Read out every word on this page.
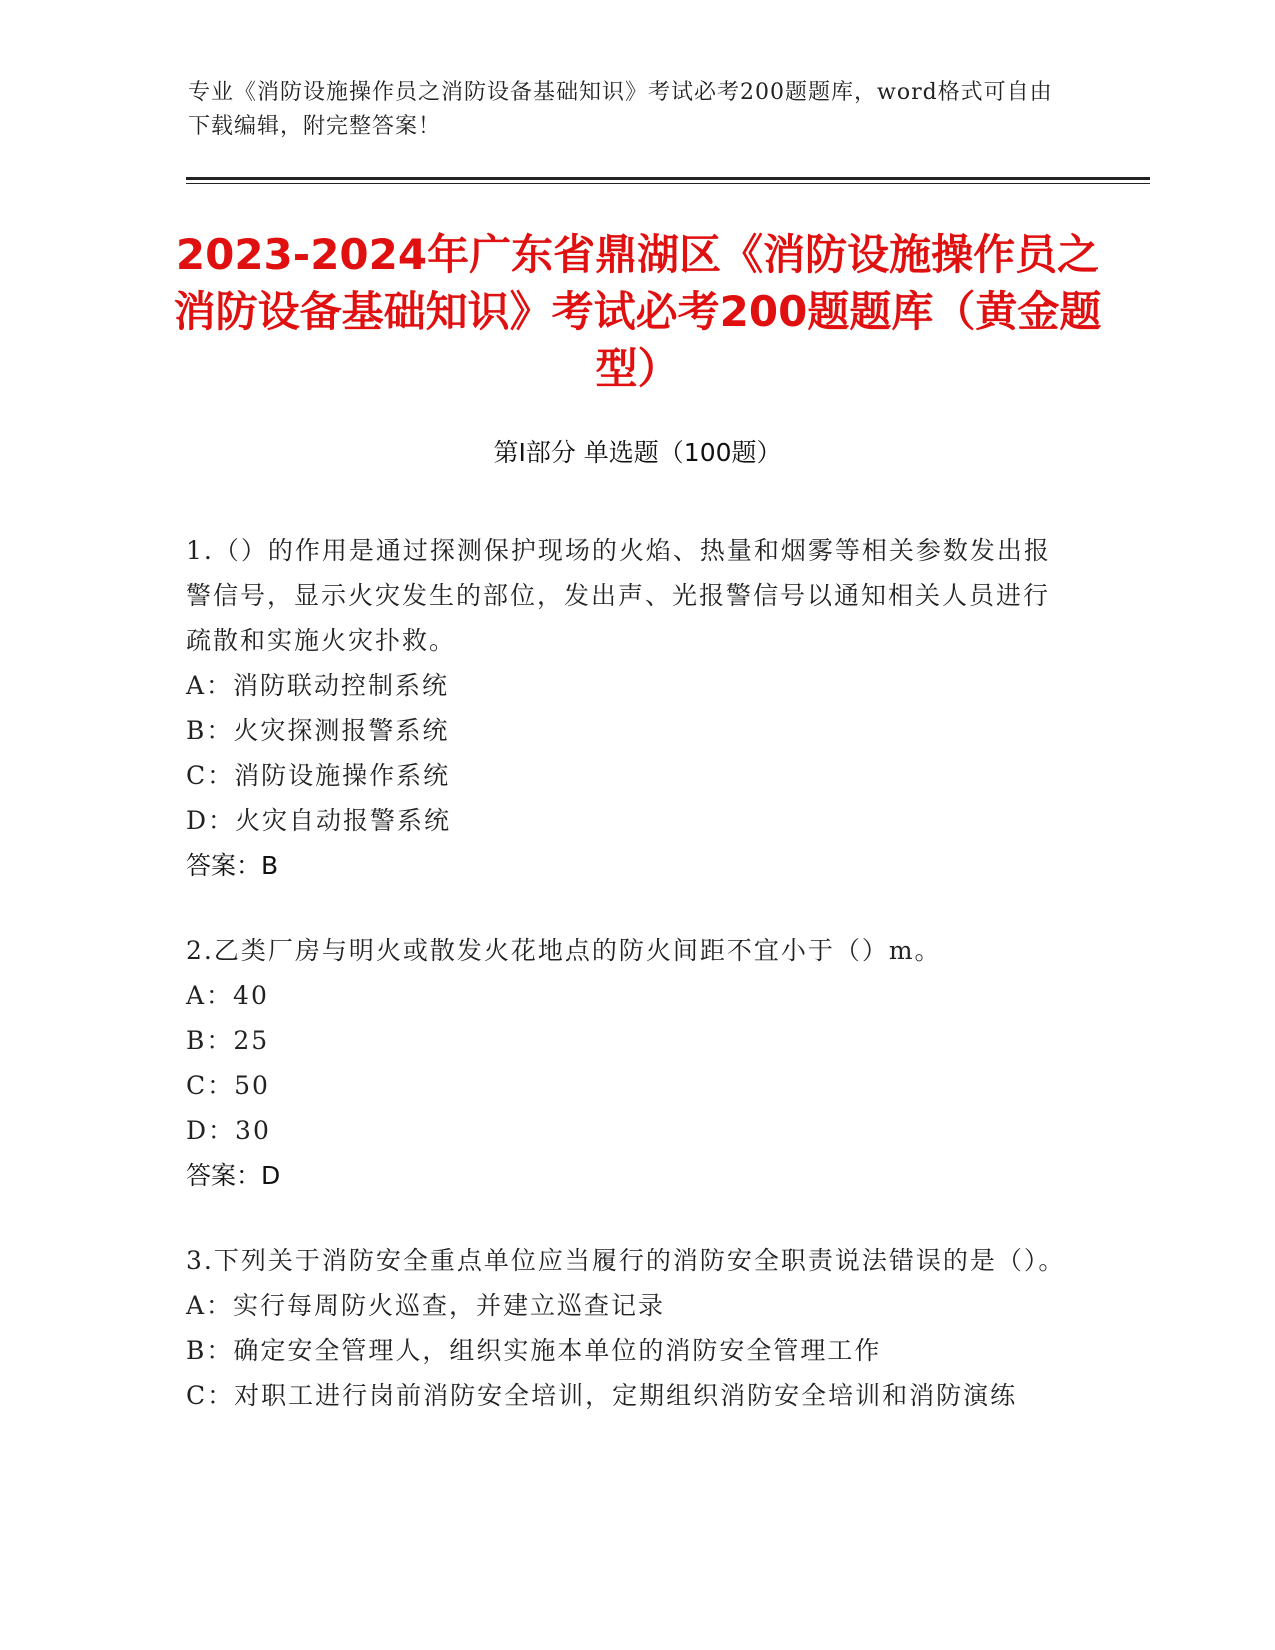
专业《消防设施操作员之消防设备基础知识》考试必考200题题库，word格式可自由下载编辑，附完整答案！
2023-2024年广东省鼎湖区《消防设施操作员之消防设备基础知识》考试必考200题题库（黄金题型）
第Ⅰ部分 单选题（100题）

1.（）的作用是通过探测保护现场的火焰、热量和烟雾等相关参数发出报警信号，显示火灾发生的部位，发出声、光报警信号以通知相关人员进行疏散和实施火灾扑救。

A：消防联动控制系统

B：火灾探测报警系统

C：消防设施操作系统

D：火灾自动报警系统

答案：B

2.乙类厂房与明火或散发火花地点的防火间距不宜小于（）m。

A：40

B：25

C：50

D：30

答案：D

3.下列关于消防安全重点单位应当履行的消防安全职责说法错误的是（）。

A：实行每周防火巡查，并建立巡查记录

B：确定安全管理人，组织实施本单位的消防安全管理工作

C：对职工进行岗前消防安全培训，定期组织消防安全培训和消防演练
